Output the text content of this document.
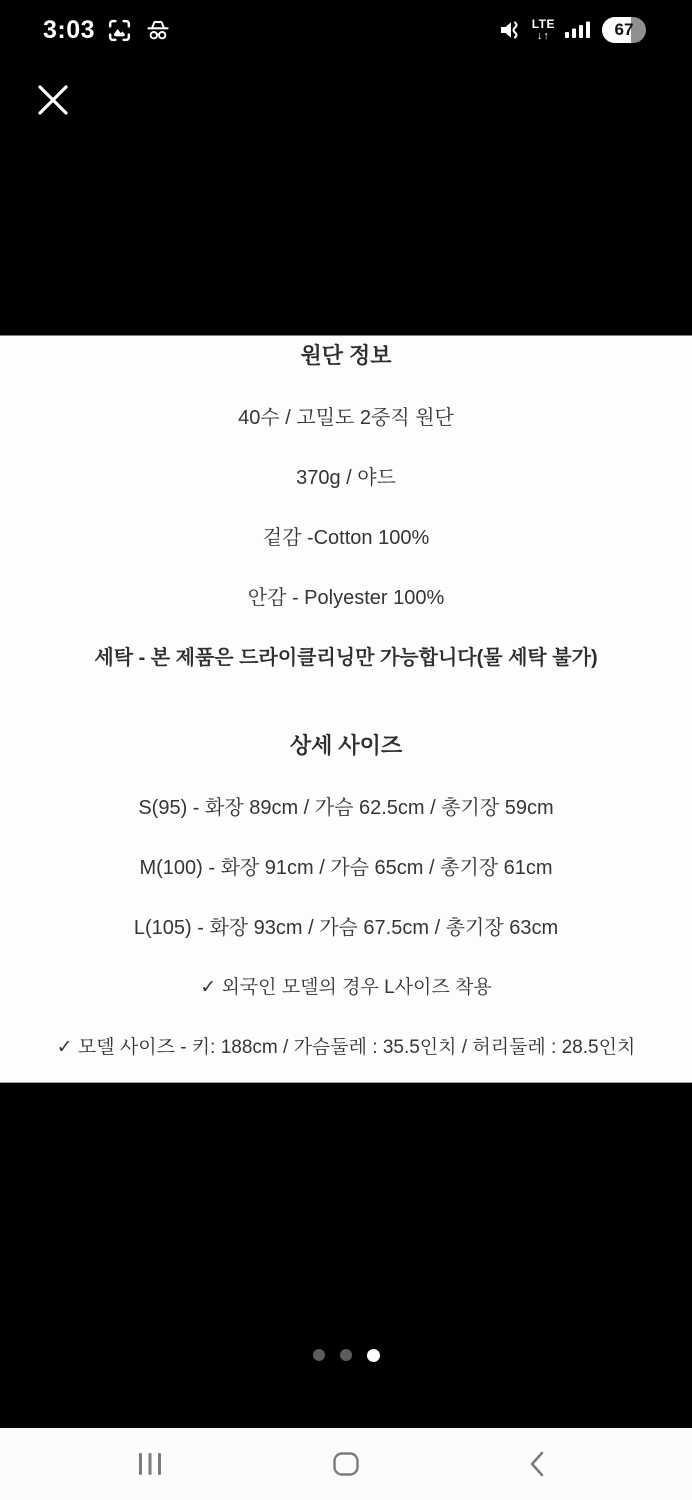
3:03	LTE
↓↑	67
원단 정보
40수 / 고밀도 2중직 원단
370g / 야드
겉감 -Cotton 100%
안감 - Polyester 100%
세탁 - 본 제품은 드라이클리닝만 가능합니다(물 세탁 불가)
상세 사이즈
S(95) - 화장 89cm / 가슴 62.5cm / 총기장 59cm
M(100) - 화장 91cm / 가슴 65cm / 총기장 61cm
L(105) - 화장 93cm / 가슴 67.5cm / 총기장 63cm
✓ 외국인 모델의 경우 L사이즈 착용
✓ 모델 사이즈 - 키: 188cm / 가슴둘레 : 35.5인치 / 허리둘레 : 28.5인치
